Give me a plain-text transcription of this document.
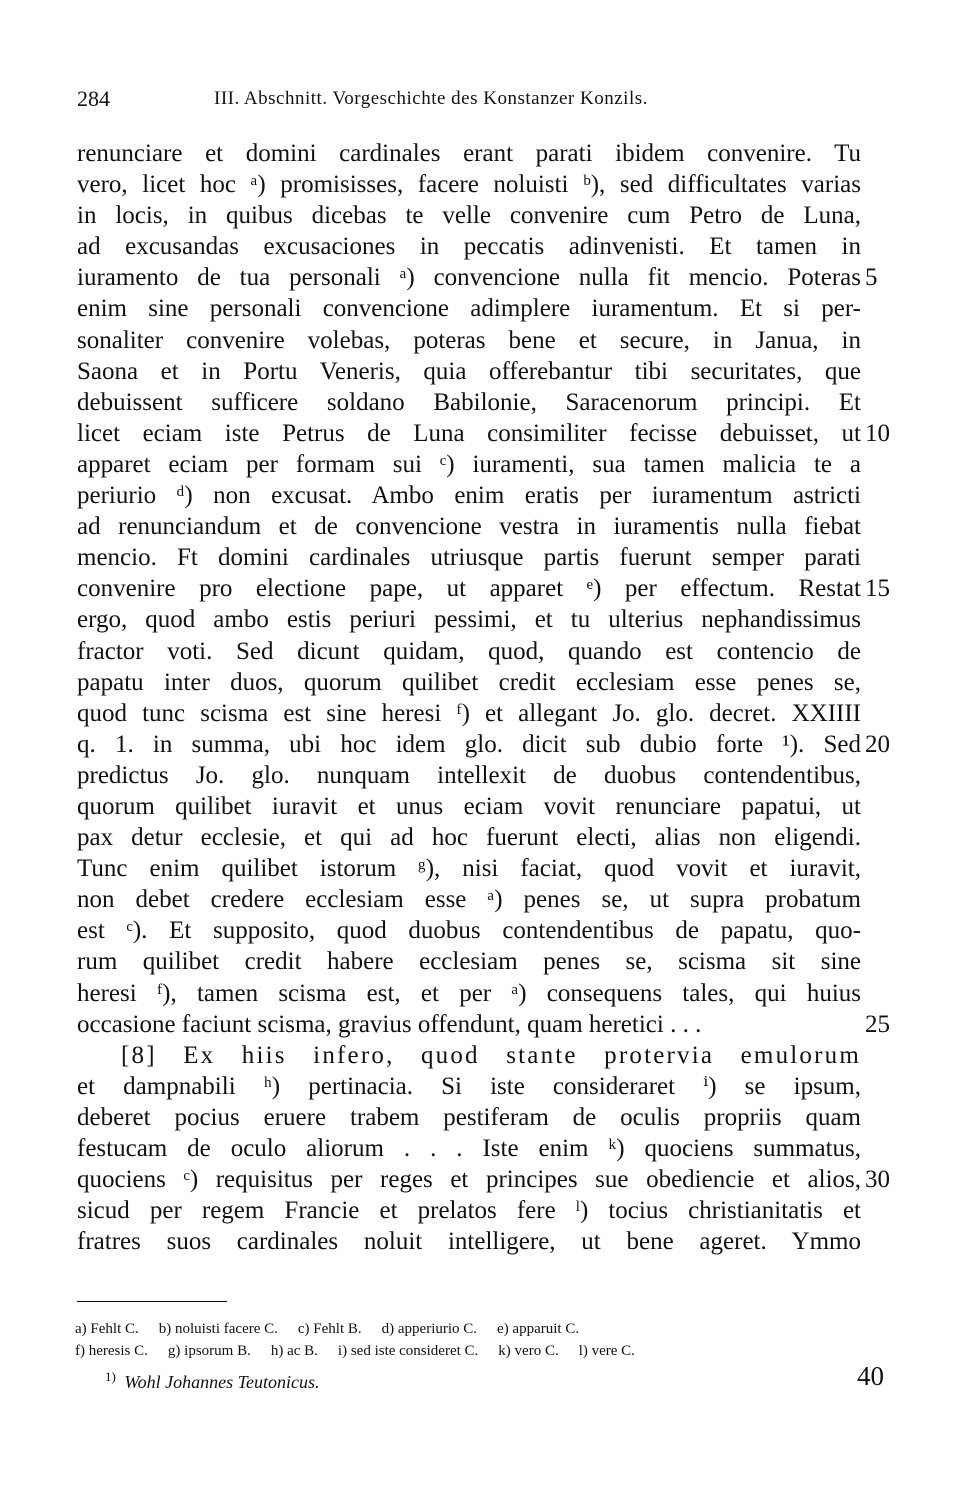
284	III. Abschnitt. Vorgeschichte des Konstanzer Konzils.
renunciare et domini cardinales erant parati ibidem convenire. Tu
vero, licet hoc ᵃ) promisisses, facere noluisti ᵇ), sed difficultates varias
in locis, in quibus dicebas te velle convenire cum Petro de Luna,
ad excusandas excusaciones in peccatis adinvenisti. Et tamen in
iuramento de tua personali ᵃ) convencione nulla fit mencio. Poteras 5
enim sine personali convencione adimplere iuramentum. Et si per-
sonaliter convenire volebas, poteras bene et secure, in Janua, in
Saona et in Portu Veneris, quia offerebantur tibi securitates, que
debuissent sufficere soldano Babilonie, Saracenorum principi. Et
licet eciam iste Petrus de Luna consimiliter fecisse debuisset, ut 10
apparet eciam per formam sui ᶜ) iuramenti, sua tamen malicia te a
periurio ᵈ) non excusat. Ambo enim eratis per iuramentum astricti
ad renunciandum et de convencione vestra in iuramentis nulla fiebat
mencio. Ft domini cardinales utriusque partis fuerunt semper parati
convenire pro electione pape, ut apparet ᵉ) per effectum. Restat 15
ergo, quod ambo estis periuri pessimi, et tu ulterius nephandissimus
fractor voti. Sed dicunt quidam, quod, quando est contencio de
papatu inter duos, quorum quilibet credit ecclesiam esse penes se,
quod tunc scisma est sine heresi ᶠ) et allegant Jo. glo. decret. XXIIII
q. 1. in summa, ubi hoc idem glo. dicit sub dubio forte ¹). Sed 20
predictus Jo. glo. nunquam intellexit de duobus contendentibus,
quorum quilibet iuravit et unus eciam vovit renunciare papatui, ut
pax detur ecclesie, et qui ad hoc fuerunt electi, alias non eligendi.
Tunc enim quilibet istorum ᵍ), nisi faciat, quod vovit et iuravit,
non debet credere ecclesiam esse ᵃ) penes se, ut supra probatum
est ᶜ). Et supposito, quod duobus contendentibus de papatu, quo-
rum quilibet credit habere ecclesiam penes se, scisma sit sine
heresi ᶠ), tamen scisma est, et per ᵃ) consequens tales, qui huius
occasione faciunt scisma, gravius offendunt, quam heretici . . .	25
[8] Ex hiis infero, quod stante protervia emulorum
et dampnabili ʰ) pertinacia. Si iste consideraret ⁱ) se ipsum,
deberet pocius eruere trabem pestiferam de oculis propriis quam
festucam de oculo aliorum . . . Iste enim ᵏ) quociens summatus,
quociens ᶜ) requisitus per reges et principes sue obediencie et alios, 30
sicud per regem Francie et prelatos fere ˡ) tocius christianitatis et
fratres suos cardinales noluit intelligere, ut bene ageret. Ymmo
a) Fehlt C. b) noluisti facere C. c) Fehlt B. d) apperiurio C. e) apparuit C.
f) heresis C. g) ipsorum B. h) ac B. i) sed iste consideret C. k) vero C. l) vere C.
$^{1)}$ Wohl Johannes Teutonicus.	40
